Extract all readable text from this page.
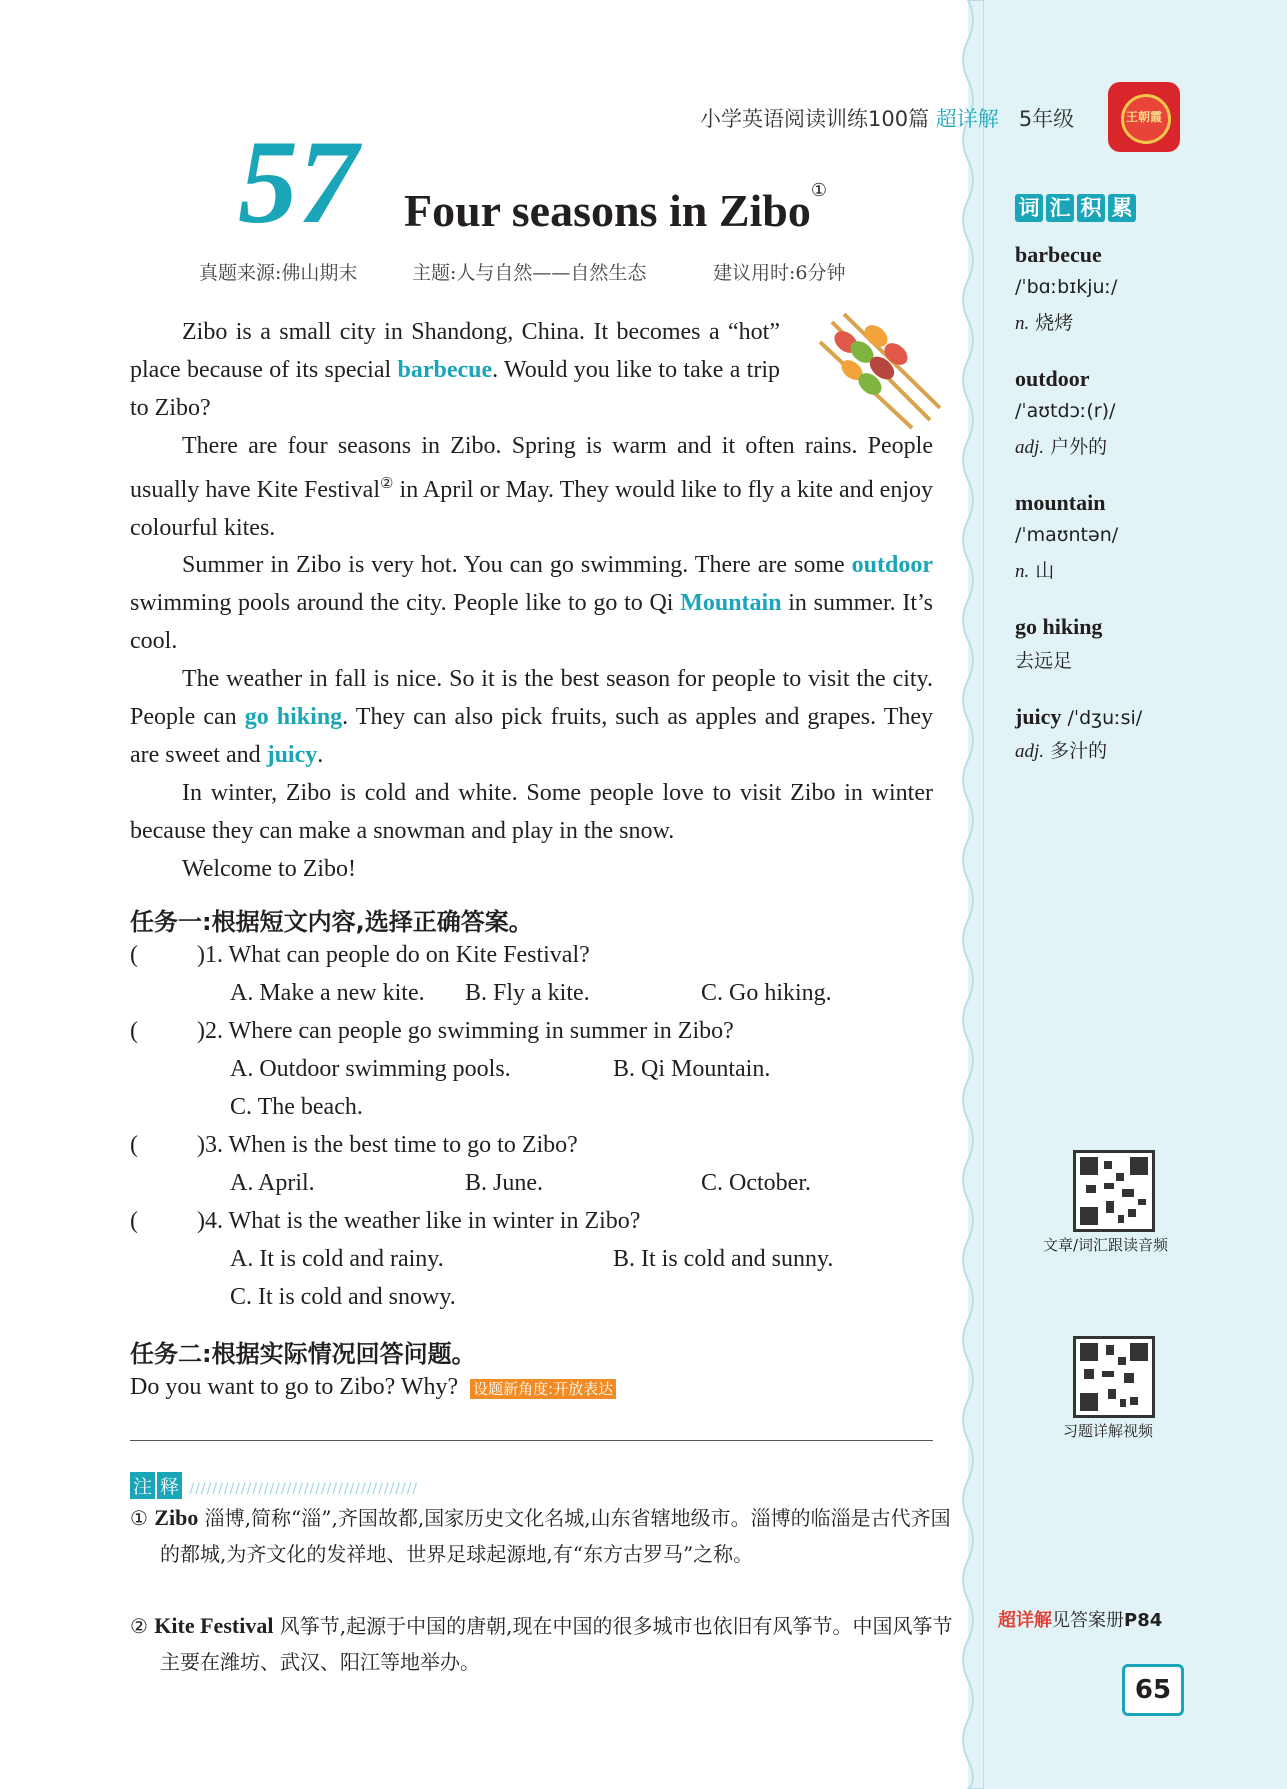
小学英语阅读训练100篇 超详解 5年级	王朝霞
57 Four seasons in Zibo①
真题来源:佛山期末	主题:人与自然——自然生态	建议用时:6分钟
Zibo is a small city in Shandong, China. It becomes a “hot” place because of its special barbecue. Would you like to take a trip to Zibo?
There are four seasons in Zibo. Spring is warm and it often rains. People usually have Kite Festival② in April or May. They would like to fly a kite and enjoy colourful kites.
Summer in Zibo is very hot. You can go swimming. There are some outdoor swimming pools around the city. People like to go to Qi Mountain in summer. It’s cool.
The weather in fall is nice. So it is the best season for people to visit the city. People can go hiking. They can also pick fruits, such as apples and grapes. They are sweet and juicy.
In winter, Zibo is cold and white. Some people love to visit Zibo in winter because they can make a snowman and play in the snow.
Welcome to Zibo!
任务一:根据短文内容,选择正确答案。
( )1. What can people do on Kite Festival?
A. Make a new kite. B. Fly a kite.	C. Go hiking.
( )2. Where can people go swimming in summer in Zibo?
A. Outdoor swimming pools.	B. Qi Mountain.
C. The beach.
( )3. When is the best time to go to Zibo?
A. April.	B. June.	C. October.
( )4. What is the weather like in winter in Zibo?
A. It is cold and rainy.	B. It is cold and sunny.
C. It is cold and snowy.
任务二:根据实际情况回答问题。
Do you want to go to Zibo? Why? 设题新角度:开放表达
注 释 ////////////////////////////////////////
① Zibo 淄博,简称“淄”,齐国故都,国家历史文化名城,山东省辖地级市。淄博的临淄是古代齐国的都城,为齐文化的发祥地、世界足球起源地,有“东方古罗马”之称。
② Kite Festival 风筝节,起源于中国的唐朝,现在中国的很多城市也依旧有风筝节。中国风筝节主要在潍坊、武汉、阳江等地举办。
词 汇 积 累
barbecue
/ˈbɑːbɪkjuː/
n. 烧烤
outdoor
/ˈaʊtdɔː(r)/
adj. 户外的
mountain
/ˈmaʊntən/
n. 山
go hiking
去远足
juicy /ˈdʒuːsi/
adj. 多汁的
文章/词汇跟读音频
习题详解视频
超详解见答案册P84
65
